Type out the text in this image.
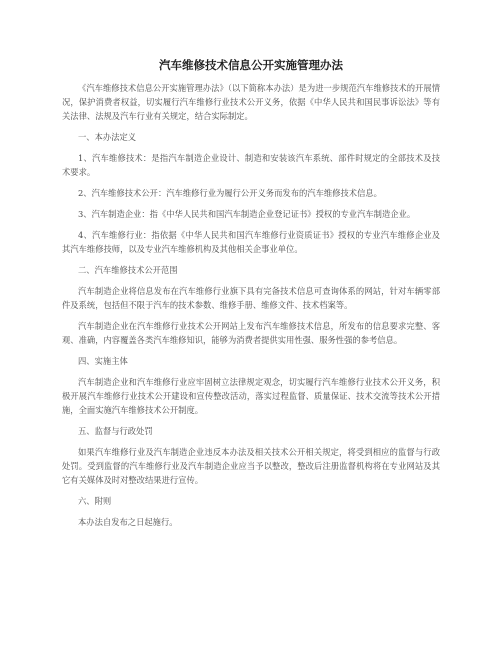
汽车维修技术信息公开实施管理办法

《汽车维修技术信息公开实施管理办法》（以下简称本办法）是为进一步规范汽车维修技术的开展情况，保护消费者权益，切实履行汽车维修行业技术公开义务，依据《中华人民共和国民事诉讼法》等有关法律、法规及汽车行业有关规定，结合实际制定。

一、本办法定义

1、汽车维修技术：是指汽车制造企业设计、制造和安装该汽车系统、部件时规定的全部技术及技术要求。

2、汽车维修技术公开：汽车维修行业为履行公开义务而发布的汽车维修技术信息。

3、汽车制造企业：指《中华人民共和国汽车制造企业登记证书》授权的专业汽车制造企业。

4、汽车维修行业：指依据《中华人民共和国汽车维修行业资质证书》授权的专业汽车维修企业及其汽车维修技师，以及专业汽车维修机构及其他相关企事业单位。

二、汽车维修技术公开范围

汽车制造企业将信息发布在汽车维修行业旗下具有完备技术信息可查询体系的网站，针对车辆零部件及系统，包括但不限于汽车的技术参数、维修手册、维修文件、技术档案等。

汽车制造企业在汽车维修行业技术公开网站上发布汽车维修技术信息，所发布的信息要求完整、客观、准确，内容覆盖各类汽车维修知识，能够为消费者提供实用性强、服务性强的参考信息。

四、实施主体

汽车制造企业和汽车维修行业应牢固树立法律规定观念，切实履行汽车维修行业技术公开义务，积极开展汽车维修行业技术公开建设和宣传整改活动，落实过程监督、质量保证、技术交流等技术公开措施，全面实施汽车维修技术公开制度。

五、监督与行政处罚

如果汽车维修行业及汽车制造企业违反本办法及相关技术公开相关规定，将受到相应的监督与行政处罚。受到监督的汽车维修行业及汽车制造企业应当予以整改，整改后注册监督机构将在专业网站及其它有关媒体及时对整改结果进行宣传。

六、附则

本办法自发布之日起施行。
